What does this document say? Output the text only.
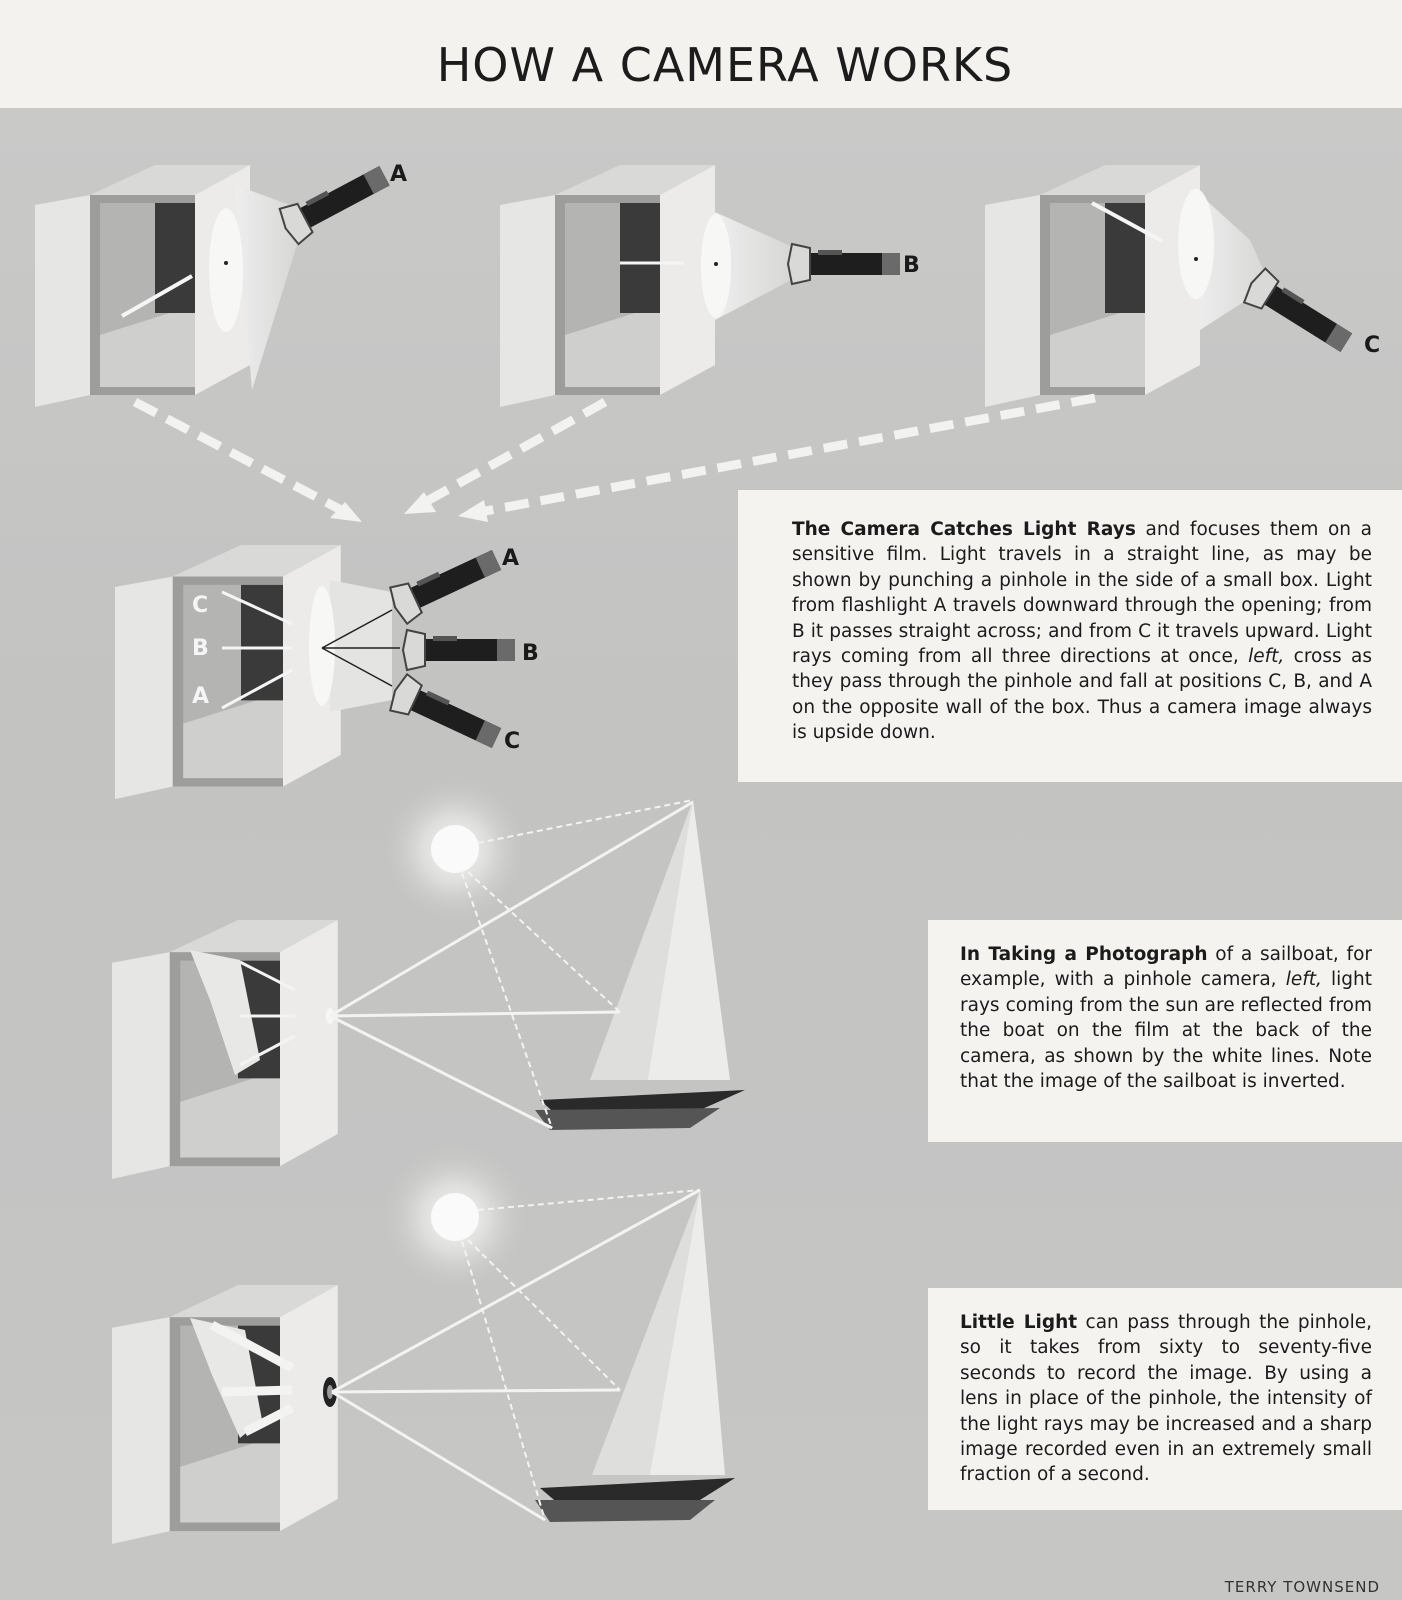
HOW A CAMERA WORKS
A
B
C
C
B
A
A
B
C
The Camera Catches Light Rays and focuses them on a sensitive film. Light travels in a straight line, as may be shown by punching a pinhole in the side of a small box. Light from flashlight A travels downward through the opening; from B it passes straight across; and from C it travels upward. Light rays coming from all three directions at once, left, cross as they pass through the pinhole and fall at positions C, B, and A on the opposite wall of the box. Thus a camera image always is upside down.
In Taking a Photograph of a sailboat, for example, with a pinhole camera, left, light rays coming from the sun are reflected from the boat on the film at the back of the camera, as shown by the white lines. Note that the image of the sailboat is inverted.
Little Light can pass through the pinhole, so it takes from sixty to seventy-five seconds to record the image. By using a lens in place of the pinhole, the intensity of the light rays may be increased and a sharp image recorded even in an extremely small fraction of a second.
TERRY TOWNSEND
